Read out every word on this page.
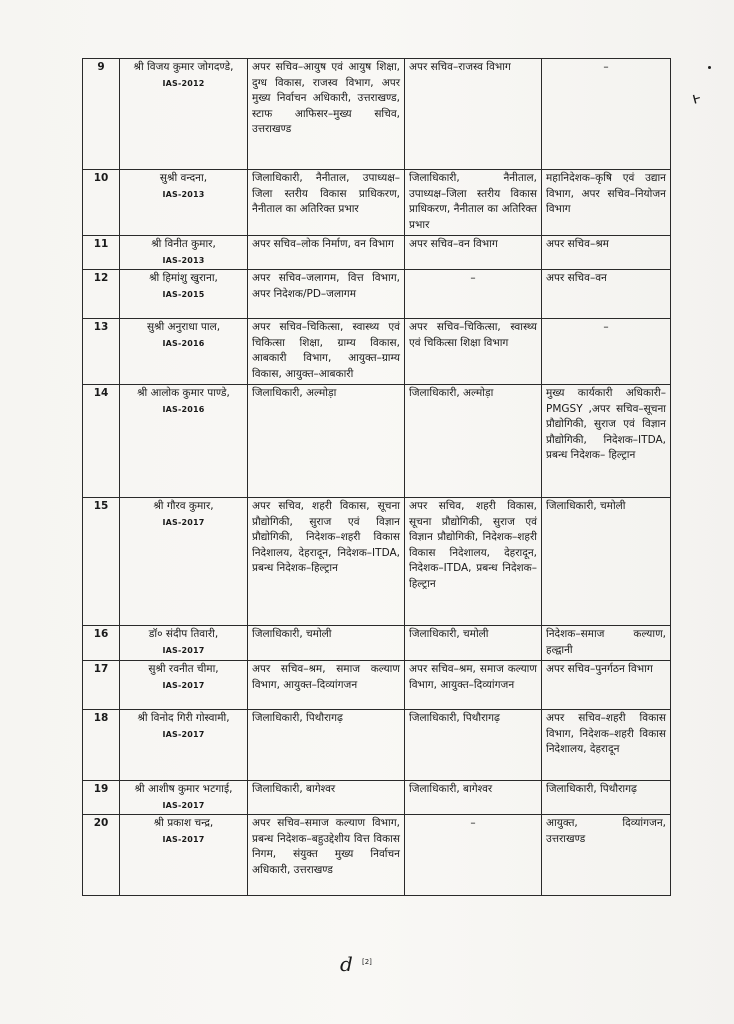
9	श्री विजय कुमार जोगदण्डे,
IAS-2012	अपर सचिव–आयुष एवं आयुष शिक्षा, दुग्ध विकास, राजस्व विभाग, अपर मुख्य निर्वाचन अधिकारी, उत्तराखण्ड, स्टाफ आफिसर–मुख्य सचिव, उत्तराखण्ड	अपर सचिव–राजस्व विभाग	–

10	सुश्री वन्दना,
IAS-2013	जिलाधिकारी, नैनीताल, उपाध्यक्ष–जिला स्तरीय विकास प्राधिकरण, नैनीताल का अतिरिक्त प्रभार	जिलाधिकारी, नैनीताल, उपाध्यक्ष–जिला स्तरीय विकास प्राधिकरण, नैनीताल का अतिरिक्त प्रभार	महानिदेशक–कृषि एवं उद्यान विभाग, अपर सचिव–नियोजन विभाग
11	श्री विनीत कुमार,
IAS-2013	अपर सचिव–लोक निर्माण, वन विभाग	अपर सचिव–वन विभाग	अपर सचिव–श्रम
12	श्री हिमांशु खुराना,
IAS-2015	अपर सचिव–जलागम, वित्त विभाग, अपर निदेशक/PD–जलागम	–	अपर सचिव–वन
13	सुश्री अनुराधा पाल,
IAS-2016	अपर सचिव–चिकित्सा, स्वास्थ्य एवं चिकित्सा शिक्षा, ग्राम्य विकास, आबकारी विभाग, आयुक्त–ग्राम्य विकास, आयुक्त–आबकारी	अपर सचिव–चिकित्सा, स्वास्थ्य एवं चिकित्सा शिक्षा विभाग	–

14	श्री आलोक कुमार पाण्डे,
IAS-2016	जिलाधिकारी, अल्मोड़ा	जिलाधिकारी, अल्मोड़ा	मुख्य कार्यकारी अधिकारी–PMGSY ,अपर सचिव–सूचना प्रौद्योगिकी, सुराज एवं विज्ञान प्रौद्योगिकी, निदेशक–ITDA, प्रबन्ध निदेशक– हिल्ट्रान
15	श्री गौरव कुमार,
IAS-2017	अपर सचिव, शहरी विकास, सूचना प्रौद्योगिकी, सुराज एवं विज्ञान प्रौद्योगिकी, निदेशक–शहरी विकास निदेशालय, देहरादून, निदेशक–ITDA, प्रबन्ध निदेशक–हिल्ट्रान	अपर सचिव, शहरी विकास, सूचना प्रौद्योगिकी, सुराज एवं विज्ञान प्रौद्योगिकी, निदेशक–शहरी विकास निदेशालय, देहरादून, निदेशक–ITDA, प्रबन्ध निदेशक–हिल्ट्रान	जिलाधिकारी, चमोली
16	डॉ० संदीप तिवारी,
IAS-2017	जिलाधिकारी, चमोली	जिलाधिकारी, चमोली	निदेशक–समाज कल्याण, हल्द्वानी
17	सुश्री रवनीत चीमा,
IAS-2017	अपर सचिव–श्रम, समाज कल्याण विभाग, आयुक्त–दिव्यांगजन	अपर सचिव–श्रम, समाज कल्याण विभाग, आयुक्त–दिव्यांगजन	अपर सचिव–पुनर्गठन विभाग
18	श्री विनोद गिरी गोस्वामी,
IAS-2017	जिलाधिकारी, पिथौरागढ़	जिलाधिकारी, पिथौरागढ़	अपर सचिव–शहरी विकास विभाग, निदेशक–शहरी विकास निदेशालय, देहरादून
19	श्री आशीष कुमार भटगाई,
IAS-2017	जिलाधिकारी, बागेश्वर	जिलाधिकारी, बागेश्वर	जिलाधिकारी, पिथौरागढ़
20	श्री प्रकाश चन्द्र,
IAS-2017	अपर सचिव–समाज कल्याण विभाग, प्रबन्ध निदेशक–बहुउद्देशीय वित्त विकास निगम, संयुक्त मुख्य निर्वाचन अधिकारी, उत्तराखण्ड	–	आयुक्त, दिव्यांगजन, उत्तराखण्ड
ⱶ
d [2]
